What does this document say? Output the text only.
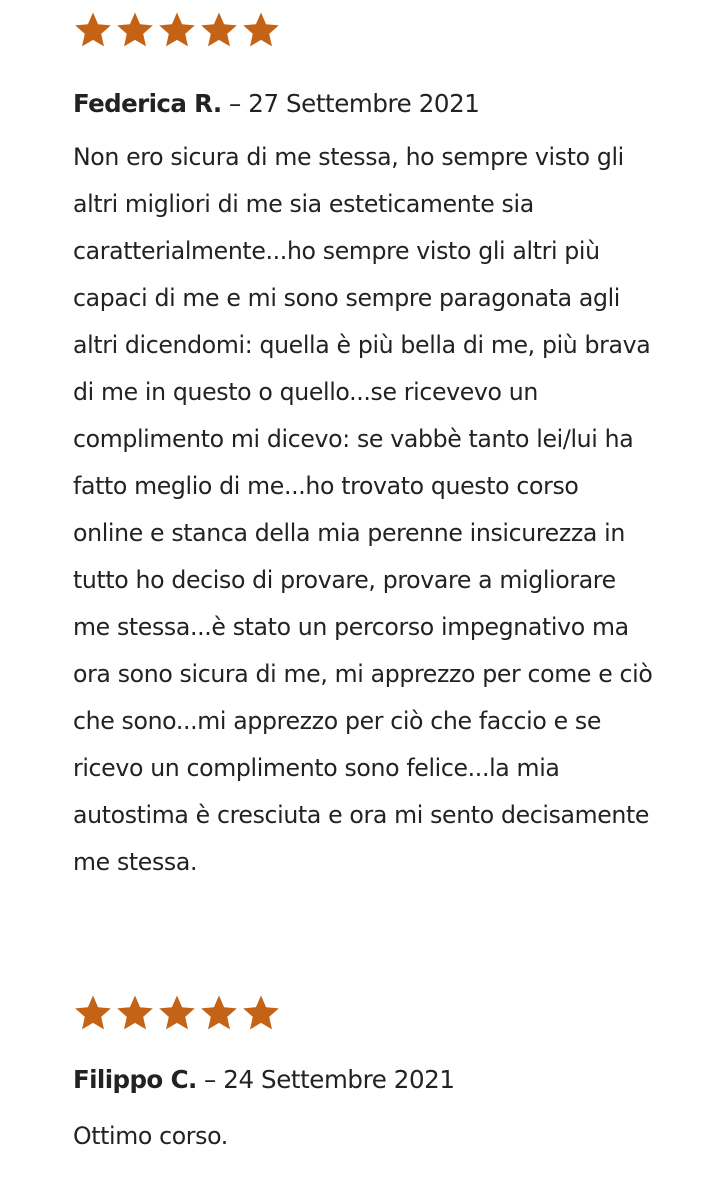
Federica R. – 27 Settembre 2021
Non ero sicura di me stessa, ho sempre visto gli altri migliori di me sia esteticamente sia caratterialmente...ho sempre visto gli altri più capaci di me e mi sono sempre paragonata agli altri dicendomi: quella è più bella di me, più brava di me in questo o quello...se ricevevo un complimento mi dicevo: se vabbè tanto lei/lui ha fatto meglio di me...ho trovato questo corso online e stanca della mia perenne insicurezza in tutto ho deciso di provare, provare a migliorare me stessa...è stato un percorso impegnativo ma ora sono sicura di me, mi apprezzo per come e ciò che sono...mi apprezzo per ciò che faccio e se ricevo un complimento sono felice...la mia autostima è cresciuta e ora mi sento decisamente me stessa.
Filippo C. – 24 Settembre 2021
Ottimo corso.
